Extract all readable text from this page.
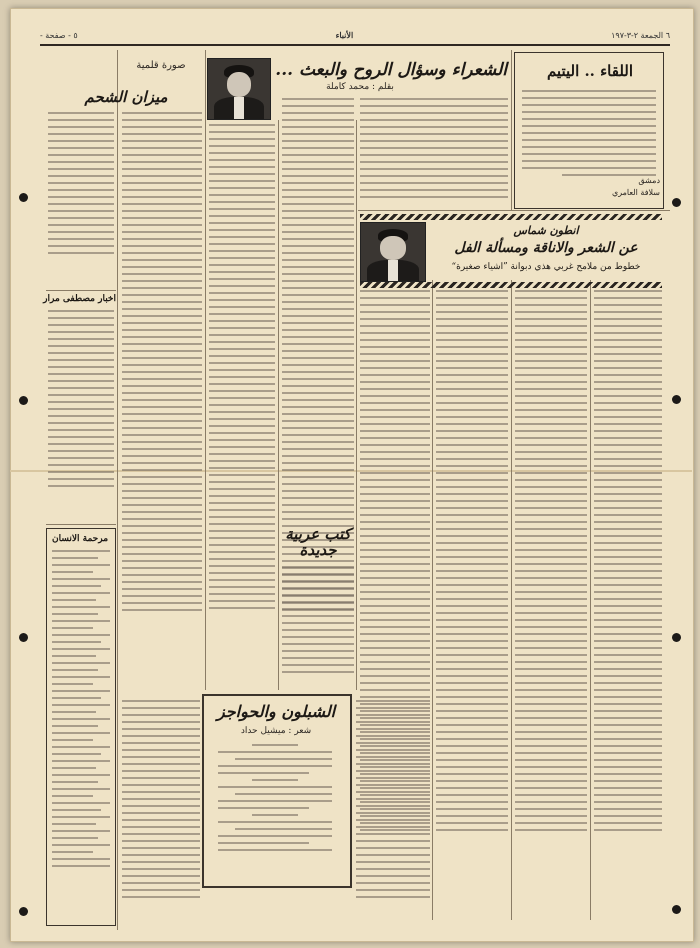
- ٥ - صفحة	الأنباء	٦ الجمعة ٢-٣-١٩٧
اللقاء .. اليتيم
سلافة العامري
دمشق
الشعراء وسؤال الروح والبعث ...
بقلم : محمد كاملة
انطون شماس
عن الشعر والاناقة ومسألة الفل
خطوط من ملامح غربي هذي دبوانة ”اشياء صغيرة“
صورة قلمية
ميزان الشحم
اخبار مصطفى مرار
مرحمة الانسان	كتب عربية جديدة
الشبلون والحواجز
شعر : ميشيل حداد
